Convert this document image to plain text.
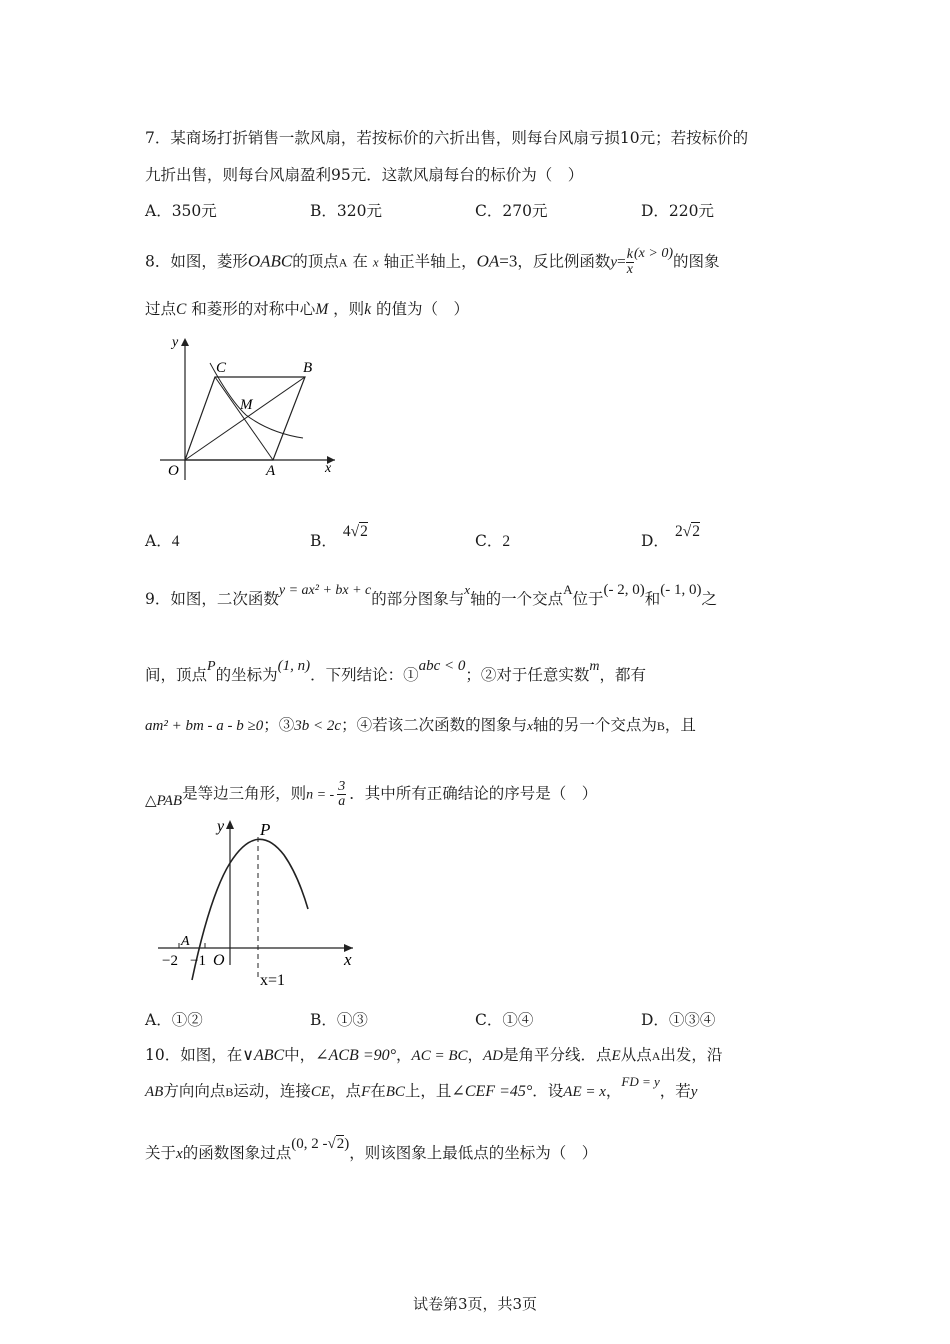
7．某商场打折销售一款风扇，若按标价的六折出售，则每台风扇亏损10元；若按标价的
九折出售，则每台风扇盈利95元．这款风扇每台的标价为（　）
A．350元	B．320元	C．270元	D．220元
8．如图，菱形OABC的顶点A 在 x 轴正半轴上，OA=3，反比例函数$y= \frac{k}{x} (x > 0)$的图象
过点C 和菱形的对称中心M ，则k 的值为（　）
y
C	B
M
O	A	x
A．4	B．4√2
C．2	D．2√2
9．如图，二次函数y = ax² + bx + c的部分图象与$^x$轴的一个交点$^A$位于(- 2, 0)和(- 1, 0)之
间，顶点P的坐标为(1, n)．下列结论：①abc < 0；②对于任意实数m，都有
am² + bm - a - b ≥0；③3b < 2c；④若该二次函数的图象与x轴的另一个交点为B，且
△PAB是等边三角形，则n = - $\frac{3}{a}$ ．其中所有正确结论的序号是（　）
y P
A
−2 −1 O	x
x=1
A．①②	B．①③	C．①④	D．①③④
10．如图，在∨ABC中，∠ACB =90°，AC = BC，AD是角平分线．点E从点A出发，沿
AB方向向点B运动，连接CE，点F在BC上，且∠CEF =45°．设AE = x，$^{FD = y}$，若y
关于x的函数图象过点(0, 2 -√2)，则该图象上最低点的坐标为（　）
试卷第3页，共3页
